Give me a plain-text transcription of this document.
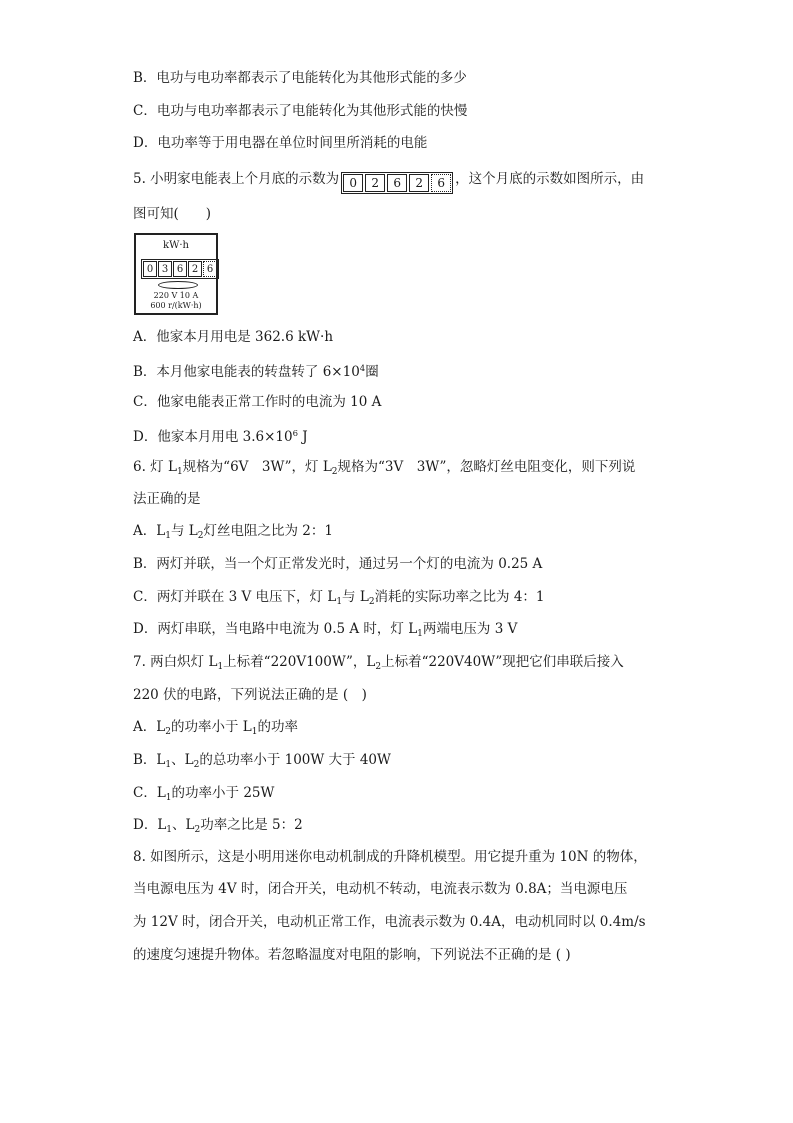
B．电功与电功率都表示了电能转化为其他形式能的多少
C．电功与电功率都表示了电能转化为其他形式能的快慢
D．电功率等于用电器在单位时间里所消耗的电能
5. 小明家电能表上个月底的示数为 0	2	6	2	6 ，这个月底的示数如图所示，由
图可知(　　)
kW·h
0 3 6 2 6
220 V 10 A
600 r/(kW·h)
A．他家本月用电是 362.6 kW·h
B．本月他家电能表的转盘转了 $6\times 10^4$圈
C．他家电能表正常工作时的电流为 10 A
D．他家本月用电 $3.6\times 10^6$ J
6. 灯 $L_1$规格为“6V　3W”，灯 $L_2$规格为“3V　3W”，忽略灯丝电阻变化，则下列说
法正确的是
A．$L_1$与 $L_2$灯丝电阻之比为 2：1
B．两灯并联，当一个灯正常发光时，通过另一个灯的电流为 0.25 A
C．两灯并联在 3 V 电压下，灯 $L_1$与 $L_2$消耗的实际功率之比为 4：1
D．两灯串联，当电路中电流为 0.5 A 时，灯 $L_1$两端电压为 3 V
7. 两白炽灯 $L_1$上标着“220V100W”，$L_2$上标着“220V40W”现把它们串联后接入
220 伏的电路，下列说法正确的是 (　)
A．$L_2$的功率小于 $L_1$的功率
B．$L_1$、$L_2$的总功率小于 100W 大于 40W
C．$L_1$的功率小于 25W
D．$L_1$、$L_2$功率之比是 5：2
8. 如图所示，这是小明用迷你电动机制成的升降机模型。用它提升重为 10N 的物体，
当电源电压为 4V 时，闭合开关，电动机不转动，电流表示数为 0.8A；当电源电压
为 12V 时，闭合开关，电动机正常工作，电流表示数为 0.4A，电动机同时以 0.4m/s
的速度匀速提升物体。若忽略温度对电阻的影响，下列说法不正确的是 ( )
